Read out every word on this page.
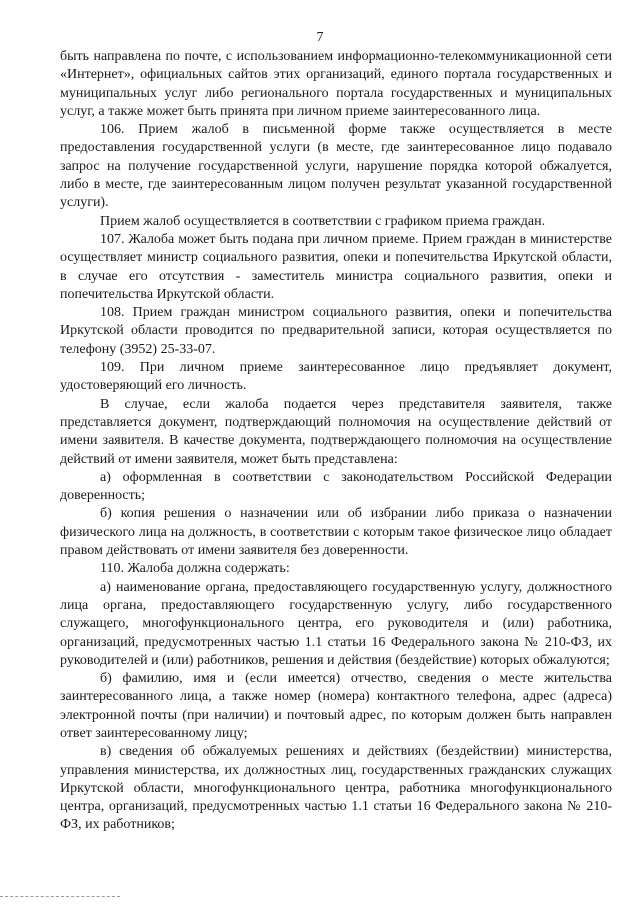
7

быть направлена по почте, с использованием информационно-телекоммуникационной сети «Интернет», официальных сайтов этих организаций, единого портала государственных и муниципальных услуг либо регионального портала государственных и муниципальных услуг, а также может быть принята при личном приеме заинтересованного лица.

106. Прием жалоб в письменной форме также осуществляется в месте предоставления государственной услуги (в месте, где заинтересованное лицо подавало запрос на получение государственной услуги, нарушение порядка которой обжалуется, либо в месте, где заинтересованным лицом получен результат указанной государственной услуги).

Прием жалоб осуществляется в соответствии с графиком приема граждан.

107. Жалоба может быть подана при личном приеме. Прием граждан в министерстве осуществляет министр социального развития, опеки и попечительства Иркутской области, в случае его отсутствия - заместитель министра социального развития, опеки и попечительства Иркутской области.

108. Прием граждан министром социального развития, опеки и попечительства Иркутской области проводится по предварительной записи, которая осуществляется по телефону (3952) 25-33-07.

109. При личном приеме заинтересованное лицо предъявляет документ, удостоверяющий его личность.

В случае, если жалоба подается через представителя заявителя, также представляется документ, подтверждающий полномочия на осуществление действий от имени заявителя. В качестве документа, подтверждающего полномочия на осуществление действий от имени заявителя, может быть представлена:

а) оформленная в соответствии с законодательством Российской Федерации доверенность;

б) копия решения о назначении или об избрании либо приказа о назначении физического лица на должность, в соответствии с которым такое физическое лицо обладает правом действовать от имени заявителя без доверенности.

110. Жалоба должна содержать:

а) наименование органа, предоставляющего государственную услугу, должностного лица органа, предоставляющего государственную услугу, либо государственного служащего, многофункционального центра, его руководителя и (или) работника, организаций, предусмотренных частью 1.1 статьи 16 Федерального закона № 210-ФЗ, их руководителей и (или) работников, решения и действия (бездействие) которых обжалуются;

б) фамилию, имя и (если имеется) отчество, сведения о месте жительства заинтересованного лица, а также номер (номера) контактного телефона, адрес (адреса) электронной почты (при наличии) и почтовый адрес, по которым должен быть направлен ответ заинтересованному лицу;

в) сведения об обжалуемых решениях и действиях (бездействии) министерства, управления министерства, их должностных лиц, государственных гражданских служащих Иркутской области, многофункционального центра, работника многофункционального центра, организаций, предусмотренных частью 1.1 статьи 16 Федерального закона № 210-ФЗ, их работников;
